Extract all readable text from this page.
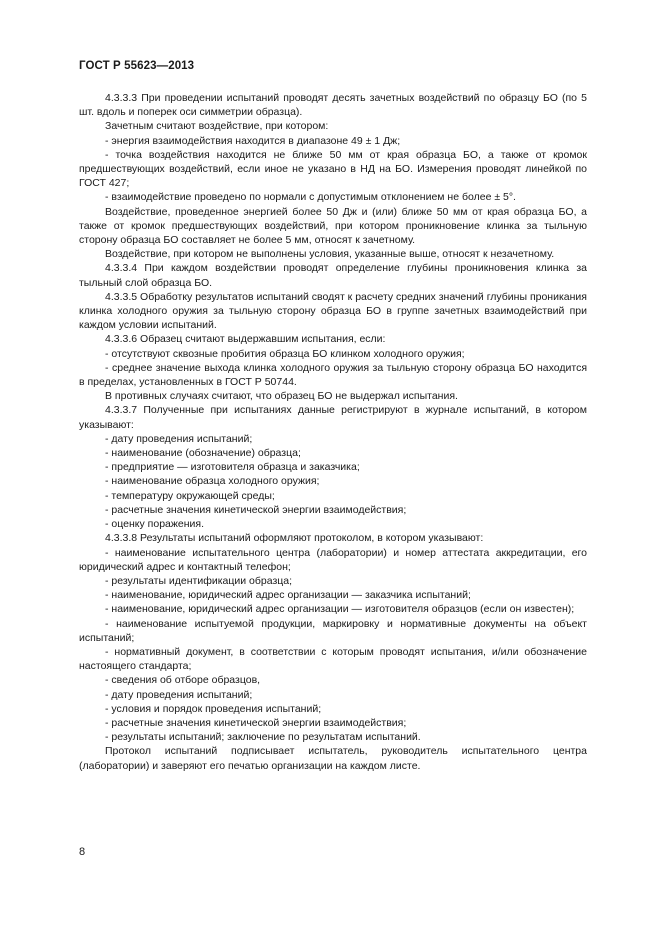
ГОСТ Р 55623—2013

4.3.3.3 При проведении испытаний проводят десять зачетных воздействий по образцу БО (по 5 шт. вдоль и поперек оси симметрии образца).

Зачетным считают воздействие, при котором:

- энергия взаимодействия находится в диапазоне 49 ± 1 Дж;

- точка воздействия находится не ближе 50 мм от края образца БО, а также от кромок предшествующих воздействий, если иное не указано в НД на БО. Измерения проводят линейкой по ГОСТ 427;

- взаимодействие проведено по нормали с допустимым отклонением не более ± 5°.

Воздействие, проведенное энергией более 50 Дж и (или) ближе 50 мм от края образца БО, а также от кромок предшествующих воздействий, при котором проникновение клинка за тыльную сторону образца БО составляет не более 5 мм, относят к зачетному.

Воздействие, при котором не выполнены условия, указанные выше, относят к незачетному.

4.3.3.4 При каждом воздействии проводят определение глубины проникновения клинка за тыльный слой образца БО.

4.3.3.5 Обработку результатов испытаний сводят к расчету средних значений глубины проникания клинка холодного оружия за тыльную сторону образца БО в группе зачетных взаимодействий при каждом условии испытаний.

4.3.3.6 Образец считают выдержавшим испытания, если:

- отсутствуют сквозные пробития образца БО клинком холодного оружия;

- среднее значение выхода клинка холодного оружия за тыльную сторону образца БО находится в пределах, установленных в ГОСТ Р 50744.

В противных случаях считают, что образец БО не выдержал испытания.

4.3.3.7 Полученные при испытаниях данные регистрируют в журнале испытаний, в котором указывают:

- дату проведения испытаний;

- наименование (обозначение) образца;

- предприятие — изготовителя образца и заказчика;

- наименование образца холодного оружия;

- температуру окружающей среды;

- расчетные значения кинетической энергии взаимодействия;

- оценку поражения.

4.3.3.8 Результаты испытаний оформляют протоколом, в котором указывают:

- наименование испытательного центра (лаборатории) и номер аттестата аккредитации, его юридический адрес и контактный телефон;

- результаты идентификации образца;

- наименование, юридический адрес организации — заказчика испытаний;

- наименование, юридический адрес организации — изготовителя образцов (если он известен);

- наименование испытуемой продукции, маркировку и нормативные документы на объект испытаний;

- нормативный документ, в соответствии с которым проводят испытания, и/или обозначение настоящего стандарта;

- сведения об отборе образцов,

- дату проведения испытаний;

- условия и порядок проведения испытаний;

- расчетные значения кинетической энергии взаимодействия;

- результаты испытаний; заключение по результатам испытаний.

Протокол испытаний подписывает испытатель, руководитель испытательного центра (лаборатории) и заверяют его печатью организации на каждом листе.

8
